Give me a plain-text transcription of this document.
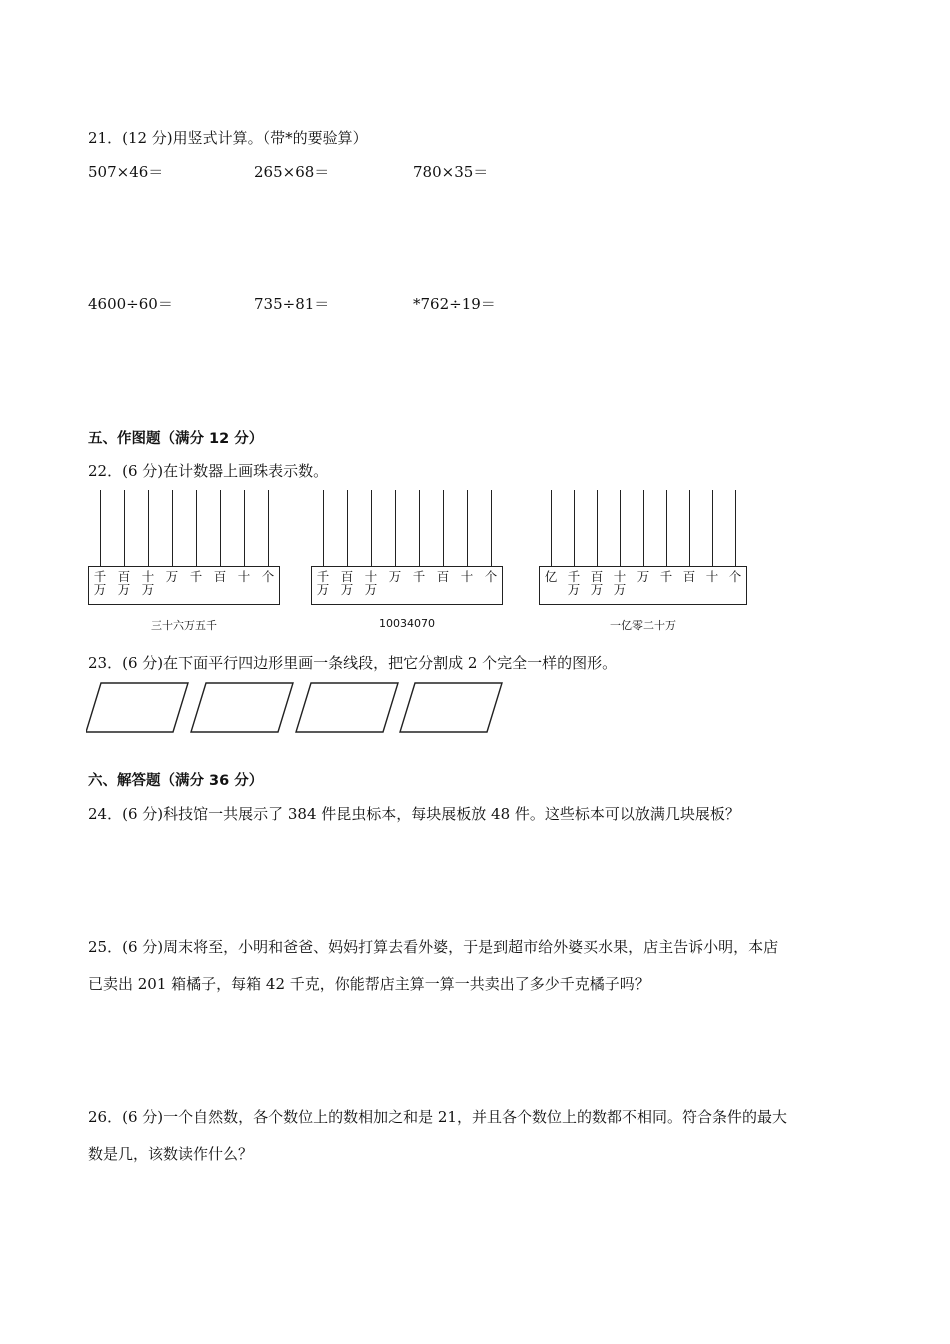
21．(12 分)用竖式计算。（带*的要验算）
507×46＝	265×68＝	780×35＝
4600÷60＝	735÷81＝	*762÷19＝
五、作图题（满分 12 分）
22．(6 分)在计数器上画珠表示数。
千
万
百
万
十
万
万 千 百 十 个
三十六万五千
千
万
百
万
十
万
万 千 百 十 个
10034070
亿 千
万
百
万
十
万
万 千 百 十 个
一亿零二十万
23．(6 分)在下面平行四边形里画一条线段，把它分割成 2 个完全一样的图形。
六、解答题（满分 36 分）
24．(6 分)科技馆一共展示了 384 件昆虫标本，每块展板放 48 件。这些标本可以放满几块展板？
25．(6 分)周末将至，小明和爸爸、妈妈打算去看外婆，于是到超市给外婆买水果，店主告诉小明，本店
已卖出 201 箱橘子，每箱 42 千克，你能帮店主算一算一共卖出了多少千克橘子吗？
26．(6 分)一个自然数，各个数位上的数相加之和是 21，并且各个数位上的数都不相同。符合条件的最大
数是几，该数读作什么？
